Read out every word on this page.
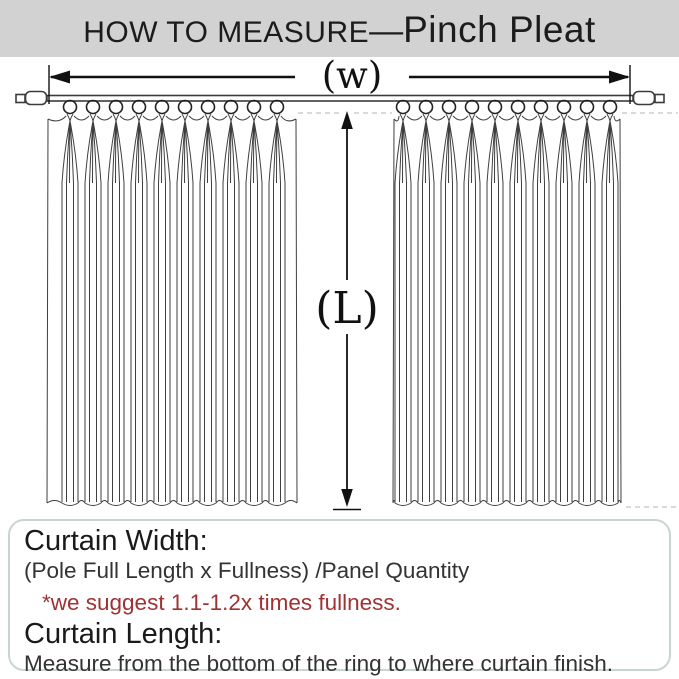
HOW TO MEASURE — Pinch Pleat
(w)
(L)
Curtain Width:

(Pole Full Length x Fullness) /Panel Quantity

*we suggest 1.1-1.2x times fullness.

Curtain Length:

Measure from the bottom of the ring to where curtain finish.
